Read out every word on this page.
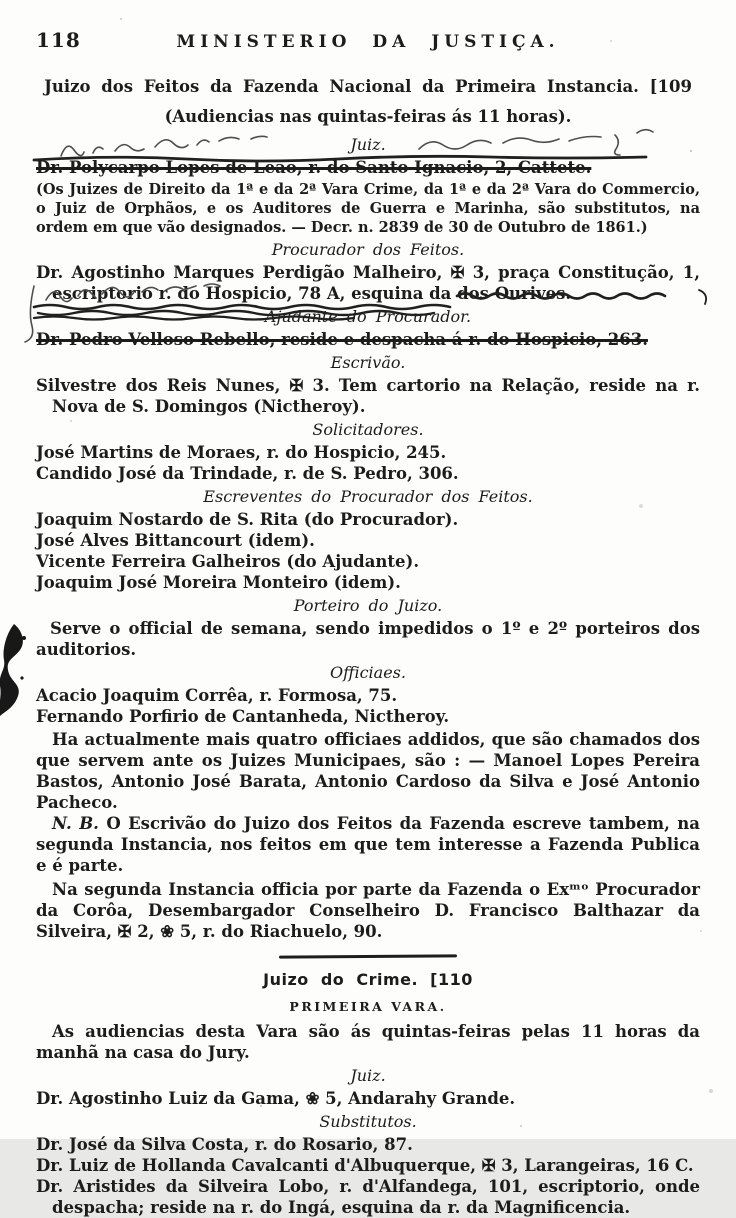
118	MINISTERIO DA JUSTIÇA.

Juizo dos Feitos da Fazenda Nacional da Primeira Instancia. [109

(Audiencias nas quintas-feiras ás 11 horas).

Juiz.

Dr. Polycarpo Lopes de Leão, r. do Santo Ignacio, 2, Cattete.

(Os Juizes de Direito da 1ª e da 2ª Vara Crime, da 1ª e da 2ª Vara do Commercio, o Juiz de Orphãos, e os Auditores de Guerra e Marinha, são substitutos, na ordem em que vão designados. — Decr. n. 2839 de 30 de Outubro de 1861.)

Procurador dos Feitos.

Dr. Agostinho Marques Perdigão Malheiro, ✠ 3, praça Constitução, 1, escriptorio r. do Hospicio, 78 A, esquina da dos Ourives.

Ajudante do Procurador.

Dr. Pedro Velloso Rebello, reside e despacha á r. do Hospicio, 263.

Escrivão.

Silvestre dos Reis Nunes, ✠ 3. Tem cartorio na Relação, reside na r. Nova de S. Domingos (Nictheroy).

Solicitadores.

José Martins de Moraes, r. do Hospicio, 245.

Candido José da Trindade, r. de S. Pedro, 306.

Escreventes do Procurador dos Feitos.

Joaquim Nostardo de S. Rita (do Procurador).

José Alves Bittancourt (idem).

Vicente Ferreira Galheiros (do Ajudante).

Joaquim José Moreira Monteiro (idem).

Porteiro do Juizo.

Serve o official de semana, sendo impedidos o 1º e 2º porteiros dos auditorios.

Officiaes.

Acacio Joaquim Corrêa, r. Formosa, 75.

Fernando Porfirio de Cantanheda, Nictheroy.

Ha actualmente mais quatro officiaes addidos, que são chamados dos que servem ante os Juizes Municipaes, são : — Manoel Lopes Pereira Bastos, Antonio José Barata, Antonio Cardoso da Silva e José Antonio Pacheco.

N. B. O Escrivão do Juizo dos Feitos da Fazenda escreve tambem, na segunda Instancia, nos feitos em que tem interesse a Fazenda Publica e é parte.

Na segunda Instancia officia por parte da Fazenda o Exᵐᵒ Procurador da Corôa, Desembargador Conselheiro D. Francisco Balthazar da Silveira, ✠ 2, ❀ 5, r. do Riachuelo, 90.

Juizo do Crime. [110

PRIMEIRA VARA.

As audiencias desta Vara são ás quintas-feiras pelas 11 horas da manhã na casa do Jury.

Juiz.

Dr. Agostinho Luiz da Gama, ❀ 5, Andarahy Grande.

Substitutos.

Dr. José da Silva Costa, r. do Rosario, 87.

Dr. Luiz de Hollanda Cavalcanti d'Albuquerque, ✠ 3, Larangeiras, 16 C.

Dr. Aristides da Silveira Lobo, r. d'Alfandega, 101, escriptorio, onde despacha; reside na r. do Ingá, esquina da r. da Magnificencia.
